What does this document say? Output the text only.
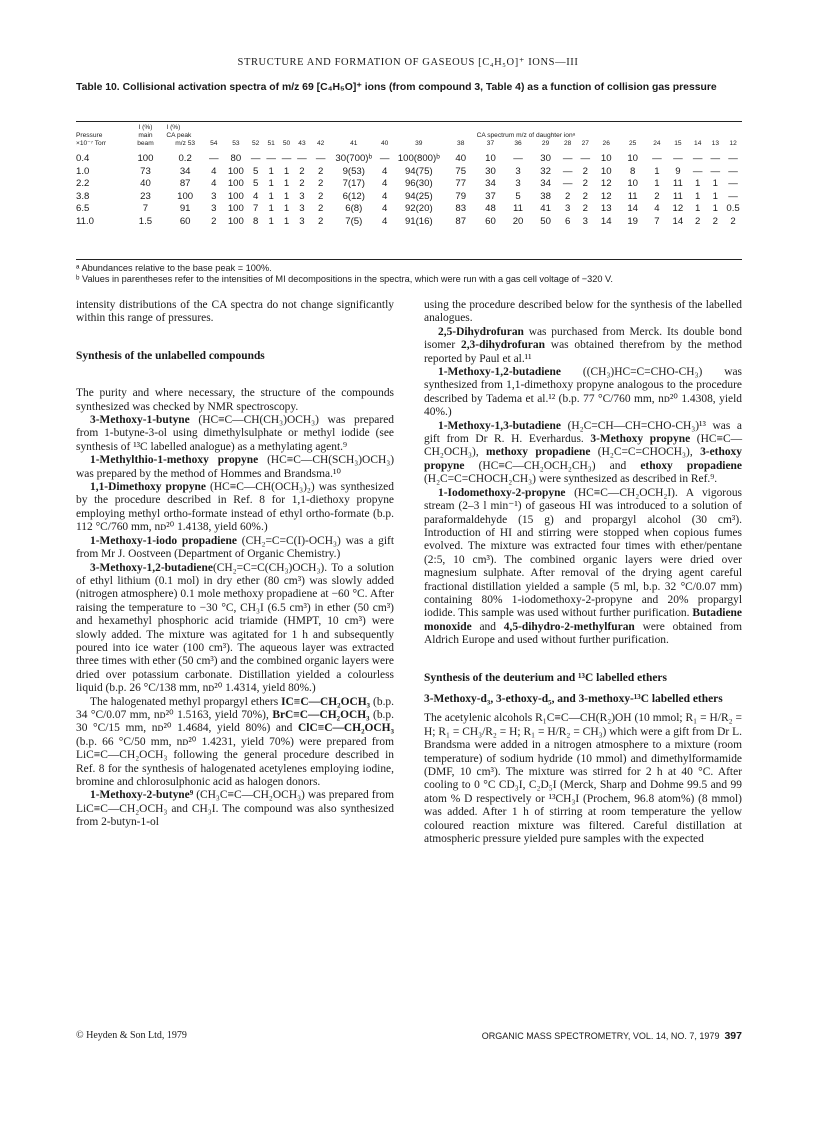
STRUCTURE AND FORMATION OF GASEOUS [C₄H₅O]⁺ IONS—III
Table 10. Collisional activation spectra of m/z 69 [C₄H₅O]⁺ ions (from compound 3, Table 4) as a function of collision gas pressure
	I (%)	I (%)																							
Pressure	main	CA peak							CA spectrum m/z of daughter ionᵃ																
×10⁻⁷ Torr	beam	m/z 53	54	53	52	51	50	43	42	41	40	39	38	37	36	29	28	27	26	25	24	15	14	13	12
0.4	100	0.2	—	80	—	—	—	—	—	30(700)ᵇ	—	100(800)ᵇ	40	10	—	30	—	—	10	10	—	—	—	—	—
1.0	73	34	4	100	5	1	1	2	2	9(53)	4	94(75)	75	30	3	32	—	2	10	8	1	9	—	—	—
2.2	40	87	4	100	5	1	1	2	2	7(17)	4	96(30)	77	34	3	34	—	2	12	10	1	11	1	1	—
3.8	23	100	3	100	4	1	1	3	2	6(12)	4	94(25)	79	37	5	38	2	2	12	11	2	11	1	1	—
6.5	7	91	3	100	7	1	1	3	2	6(8)	4	92(20)	83	48	11	41	3	2	13	14	4	12	1	1	0.5
11.0	1.5	60	2	100	8	1	1	3	2	7(5)	4	91(16)	87	60	20	50	6	3	14	19	7	14	2	2	2
ᵃ Abundances relative to the base peak = 100%.
ᵇ Values in parentheses refer to the intensities of MI decompositions in the spectra, which were run with a gas cell voltage of −320 V.

intensity distributions of the CA spectra do not change significantly within this range of pressures.

Synthesis of the unlabelled compounds

The purity and where necessary, the structure of the compounds synthesized was checked by NMR spectroscopy.

3-Methoxy-1-butyne (HC≡C—CH(CH₃)OCH₃) was prepared from 1-butyne-3-ol using dimethylsulphate or methyl iodide (see synthesis of ¹³C labelled analogue) as a methylating agent.⁹

1-Methylthio-1-methoxy propyne (HC≡C—CH(SCH₃)OCH₃) was prepared by the method of Hommes and Brandsma.¹⁰

1,1-Dimethoxy propyne (HC≡C—CH(OCH₃)₂) was synthesized by the procedure described in Ref. 8 for 1,1-diethoxy propyne employing methyl ortho-formate instead of ethyl ortho-formate (b.p. 112 °C/760 mm, nᴅ²⁰ 1.4138, yield 60%.)

1-Methoxy-1-iodo propadiene (CH₂=C=C(I)-OCH₃) was a gift from Mr J. Oostveen (Department of Organic Chemistry.)

3-Methoxy-1,2-butadiene(CH₂=C=C(CH₃)OCH₃). To a solution of ethyl lithium (0.1 mol) in dry ether (80 cm³) was slowly added (nitrogen atmosphere) 0.1 mole methoxy propadiene at −60 °C. After raising the temperature to −30 °C, CH₃I (6.5 cm³) in ether (50 cm³) and hexamethyl phosphoric acid triamide (HMPT, 10 cm³) were slowly added. The mixture was agitated for 1 h and subsequently poured into ice water (100 cm³). The aqueous layer was extracted three times with ether (50 cm³) and the combined organic layers were dried over potassium carbonate. Distillation yielded a colourless liquid (b.p. 26 °C/138 mm, nᴅ²⁰ 1.4314, yield 80%.)

The halogenated methyl propargyl ethers IC≡C—CH₂OCH₃ (b.p. 34 °C/0.07 mm, nᴅ²⁰ 1.5163, yield 70%), BrC≡C—CH₂OCH₃ (b.p. 30 °C/15 mm, nᴅ²⁰ 1.4684, yield 80%) and ClC≡C—CH₂OCH₃ (b.p. 66 °C/50 mm, nᴅ²⁰ 1.4231, yield 70%) were prepared from LiC≡C—CH₂OCH₃ following the general procedure described in Ref. 8 for the synthesis of halogenated acetylenes employing iodine, bromine and chlorosulphonic acid as halogen donors.

1-Methoxy-2-butyne⁹ (CH₃C≡C—CH₂OCH₃) was prepared from LiC≡C—CH₂OCH₃ and CH₃I. The compound was also synthesized from 2-butyn-1-ol

using the procedure described below for the synthesis of the labelled analogues.

2,5-Dihydrofuran was purchased from Merck. Its double bond isomer 2,3-dihydrofuran was obtained therefrom by the method reported by Paul et al.¹¹

1-Methoxy-1,2-butadiene ((CH₃)HC=C=CHO-CH₃) was synthesized from 1,1-dimethoxy propyne analogous to the procedure described by Tadema et al.¹² (b.p. 77 °C/760 mm, nᴅ²⁰ 1.4308, yield 40%.)

1-Methoxy-1,3-butadiene (H₂C=CH—CH=CHO-CH₃)¹³ was a gift from Dr R. H. Everhardus. 3-Methoxy propyne (HC≡C—CH₂OCH₃), methoxy propadiene (H₂C=C=CHOCH₃), 3-ethoxy propyne (HC≡C—CH₂OCH₂CH₃) and ethoxy propadiene (H₂C=C=CHOCH₂CH₃) were synthesized as described in Ref.⁹.

1-Iodomethoxy-2-propyne (HC≡C—CH₂OCH₂I). A vigorous stream (2–3 l min⁻¹) of gaseous HI was introduced to a solution of paraformaldehyde (15 g) and propargyl alcohol (30 cm³). Introduction of HI and stirring were stopped when copious fumes evolved. The mixture was extracted four times with ether/pentane (2:5, 10 cm³). The combined organic layers were dried over magnesium sulphate. After removal of the drying agent careful fractional distillation yielded a sample (5 ml, b.p. 32 °C/0.07 mm) containing 80% 1-iodomethoxy-2-propyne and 20% propargyl iodide. This sample was used without further purification. Butadiene monoxide and 4,5-dihydro-2-methylfuran were obtained from Aldrich Europe and used without further purification.

Synthesis of the deuterium and ¹³C labelled ethers
3-Methoxy-d₃, 3-ethoxy-d₅, and 3-methoxy-¹³C labelled ethers

The acetylenic alcohols R₁C≡C—CH(R₂)OH (10 mmol; R₁ = H/R₂ = H; R₁ = CH₃/R₂ = H; R₁ = H/R₂ = CH₃) which were a gift from Dr L. Brandsma were added in a nitrogen atmosphere to a mixture (room temperature) of sodium hydride (10 mmol) and dimethylformamide (DMF, 10 cm³). The mixture was stirred for 2 h at 40 °C. After cooling to 0 °C CD₃I, C₂D₅I (Merck, Sharp and Dohme 99.5 and 99 atom % D respectively or ¹³CH₃I (Prochem, 96.8 atom%) (8 mmol) was added. After 1 h of stirring at room temperature the yellow coloured reaction mixture was filtered. Careful distillation at atmospheric pressure yielded pure samples with the expected

© Heyden & Son Ltd, 1979	ORGANIC MASS SPECTROMETRY, VOL. 14, NO. 7, 1979 397
